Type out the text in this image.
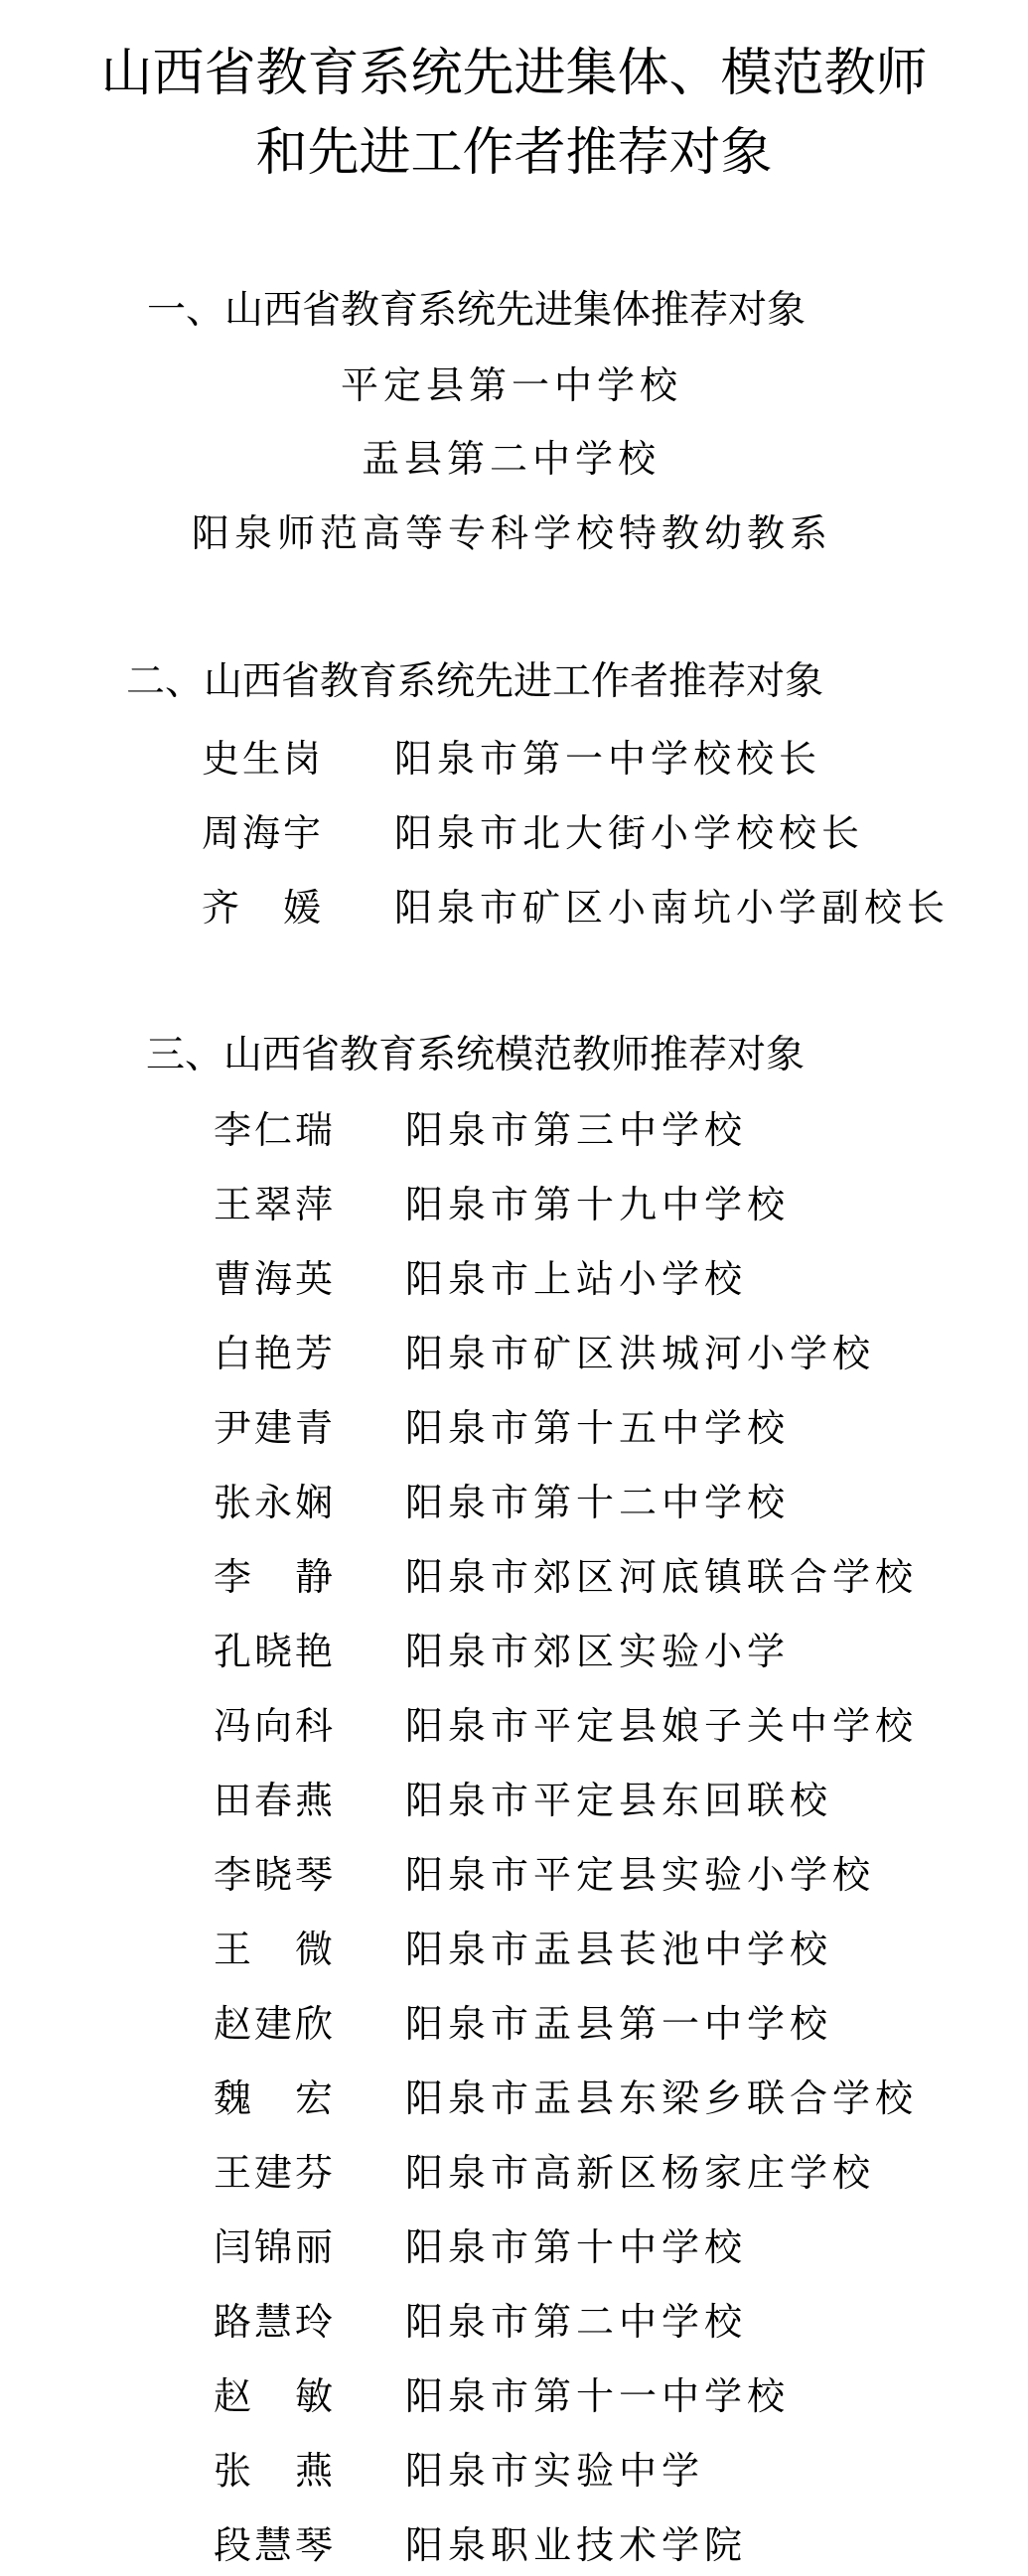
山西省教育系统先进集体、模范教师
和先进工作者推荐对象
一、山西省教育系统先进集体推荐对象
平定县第一中学校
盂县第二中学校
阳泉师范高等专科学校特教幼教系
二、山西省教育系统先进工作者推荐对象
史生岗 阳泉市第一中学校校长
周海宇 阳泉市北大街小学校校长
齐　媛 阳泉市矿区小南坑小学副校长
三、山西省教育系统模范教师推荐对象
李仁瑞 阳泉市第三中学校
王翠萍 阳泉市第十九中学校
曹海英 阳泉市上站小学校
白艳芳 阳泉市矿区洪城河小学校
尹建青 阳泉市第十五中学校
张永娴 阳泉市第十二中学校
李　静 阳泉市郊区河底镇联合学校
孔晓艳 阳泉市郊区实验小学
冯向科 阳泉市平定县娘子关中学校
田春燕 阳泉市平定县东回联校
李晓琴 阳泉市平定县实验小学校
王　微 阳泉市盂县苌池中学校
赵建欣 阳泉市盂县第一中学校
魏　宏 阳泉市盂县东梁乡联合学校
王建芬 阳泉市高新区杨家庄学校
闫锦丽 阳泉市第十中学校
路慧玲 阳泉市第二中学校
赵　敏 阳泉市第十一中学校
张　燕 阳泉市实验中学
段慧琴 阳泉职业技术学院
